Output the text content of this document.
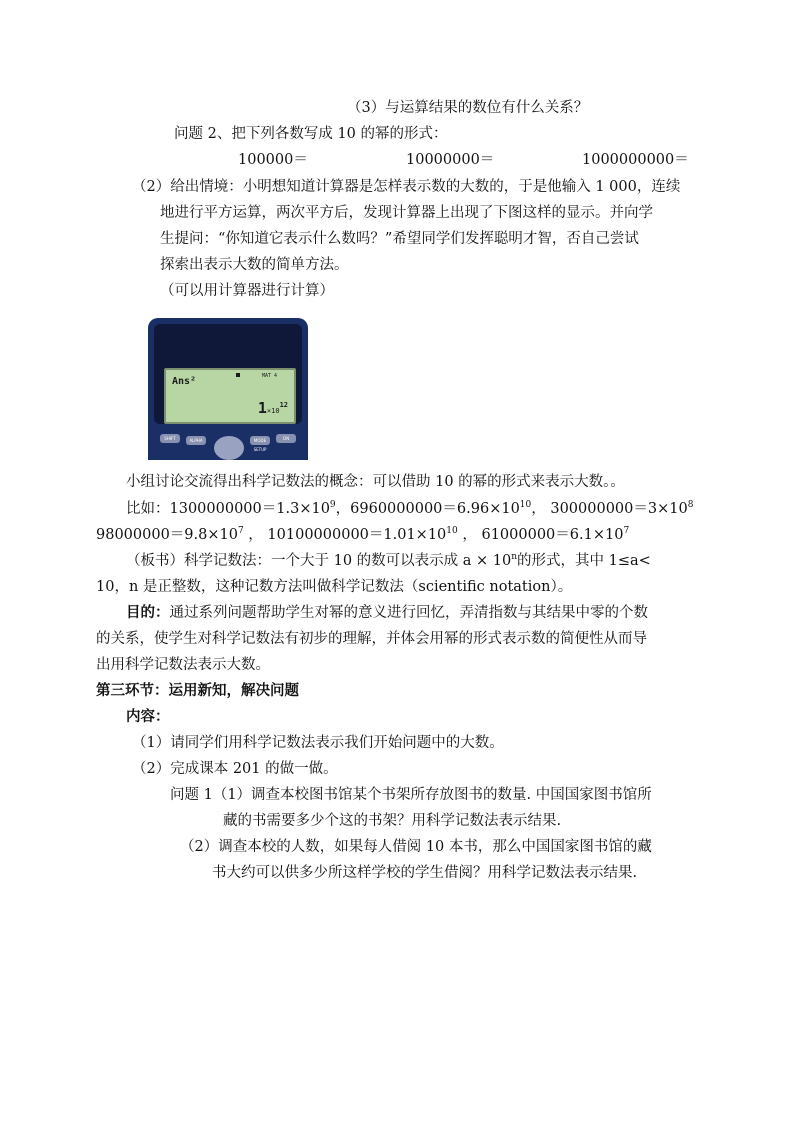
（3）与运算结果的数位有什么关系？
问题 2、把下列各数写成 10 的幂的形式：
100000＝	10000000＝	1000000000＝
（2）给出情境：小明想知道计算器是怎样表示数的大数的，于是他输入 1 000，连续
地进行平方运算，两次平方后，发现计算器上出现了下图这样的显示。并向学
生提问：“你知道它表示什么数吗？”希望同学们发挥聪明才智，否自己尝试
探索出表示大数的简单方法。
（可以用计算器进行计算）
Ans²	MAT 4
$1\times 10^{12}$
SHIFT	ALPHA	MODE SETUP
ON
小组讨论交流得出科学记数法的概念：可以借助 10 的幂的形式来表示大数。。
比如：$1300000000=1.3\times 10^9$，$6960000000=6.96\times 10^{10}$， $300000000=3\times 10^8$
$98000000=9.8\times 10^7$ ， $10100000000=1.01\times 10^{10}$ ， $61000000=6.1\times 10^7$
（板书）科学记数法：一个大于 10 的数可以表示成 $a \times 10^n$的形式，其中 1≤a<
10，n 是正整数，这种记数方法叫做科学记数法（scientific notation）。
目的：通过系列问题帮助学生对幂的意义进行回忆，弄清指数与其结果中零的个数
的关系，使学生对科学记数法有初步的理解，并体会用幂的形式表示数的简便性从而导
出用科学记数法表示大数。
第三环节：运用新知，解决问题
内容：
（1）请同学们用科学记数法表示我们开始问题中的大数。
（2）完成课本 201 的做一做。
问题 1（1）调查本校图书馆某个书架所存放图书的数量. 中国国家图书馆所
藏的书需要多少个这的书架？用科学记数法表示结果.
（2）调查本校的人数，如果每人借阅 10 本书，那么中国国家图书馆的藏
书大约可以供多少所这样学校的学生借阅？用科学记数法表示结果.
